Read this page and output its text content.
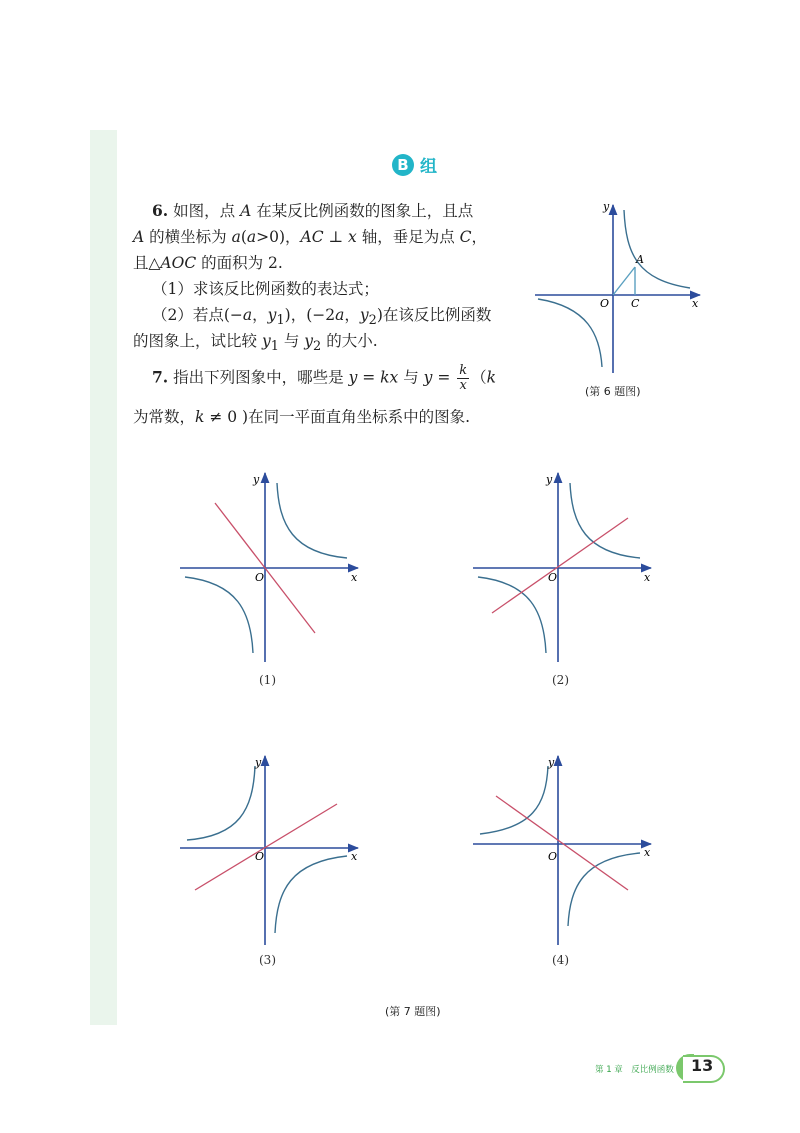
B 组
6. 如图，点 A 在某反比例函数的图象上，且点
A 的横坐标为 a(a>0)，AC ⊥ x 轴，垂足为点 C，
且△AOC 的面积为 2.
（1）求该反比例函数的表达式；
（2）若点(−a，$y_1$)，(−2a，$y_2$)在该反比例函数
的图象上，试比较 $y_1$ 与 $y_2$ 的大小.
7. 指出下列图象中，哪些是 y = kx 与 $y = \frac{k}{x} (k$
为常数，k ≠ 0 )在同一平面直角坐标系中的图象.
y
x
O
A
C
(第 6 题图)
y
x
O
y
x
O
y
x
O
y
x
O
(1)	(2)
(3)	(4)
(第 7 题图)
第 1 章　反比例函数 13
